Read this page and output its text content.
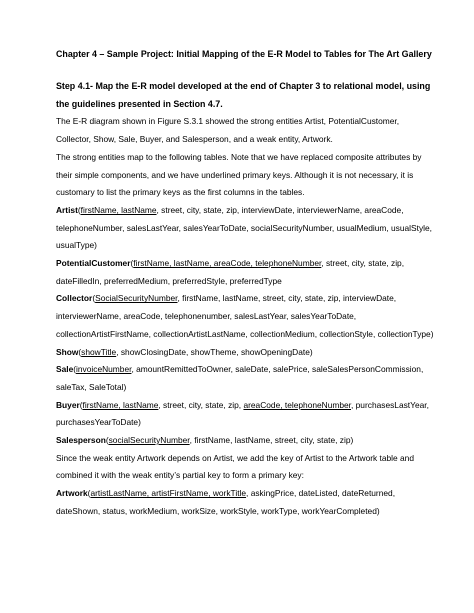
Chapter 4 – Sample Project: Initial Mapping of the E-R Model to Tables for The Art Gallery
Step 4.1- Map the E-R model developed at the end of Chapter 3 to relational model, using the guidelines presented in Section 4.7.

The E-R diagram shown in Figure S.3.1 showed the strong entities Artist, PotentialCustomer, Collector, Show, Sale, Buyer, and Salesperson, and a weak entity, Artwork.

The strong entities map to the following tables. Note that we have replaced composite attributes by their simple components, and we have underlined primary keys. Although it is not necessary, it is customary to list the primary keys as the first columns in the tables.

Artist(firstName, lastName, street, city, state, zip, interviewDate, interviewerName, areaCode, telephoneNumber, salesLastYear, salesYearToDate, socialSecurityNumber, usualMedium, usualStyle, usualType)
PotentialCustomer(firstName, lastName, areaCode, telephoneNumber, street, city, state, zip, dateFilledIn, preferredMedium, preferredStyle, preferredType
Collector(SocialSecurityNumber, firstName, lastName, street, city, state, zip, interviewDate, interviewerName, areaCode, telephonenumber, salesLastYear, salesYearToDate, collectionArtistFirstName, collectionArtistLastName, collectionMedium, collectionStyle, collectionType)
Show(showTitle, showClosingDate, showTheme, showOpeningDate)
Sale(invoiceNumber, amountRemittedToOwner, saleDate, salePrice, saleSalesPersonCommission, saleTax, SaleTotal)
Buyer(firstName, lastName, street, city, state, zip, areaCode, telephoneNumber, purchasesLastYear, purchasesYearToDate)
Salesperson(socialSecurityNumber, firstName, lastName, street, city, state, zip)

Since the weak entity Artwork depends on Artist, we add the key of Artist to the Artwork table and combined it with the weak entity’s partial key to form a primary key:

Artwork(artistLastName, artistFirstName, workTitle, askingPrice, dateListed, dateReturned, dateShown, status, workMedium, workSize, workStyle, workType, workYearCompleted)
